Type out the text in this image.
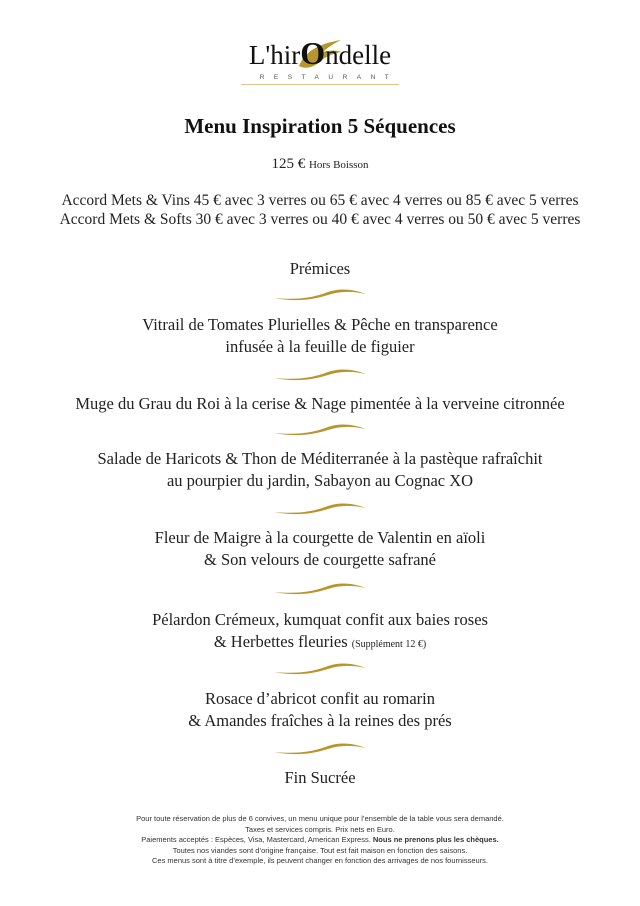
L'hirOndelle
RESTAURANT
Menu Inspiration 5 Séquences
125 € Hors Boisson
Accord Mets & Vins 45 € avec 3 verres ou 65 € avec 4 verres ou 85 € avec 5 verres
Accord Mets & Softs 30 € avec 3 verres ou 40 € avec 4 verres ou 50 € avec 5 verres
Prémices
Vitrail de Tomates Plurielles & Pêche en transparence
infusée à la feuille de figuier
Muge du Grau du Roi à la cerise & Nage pimentée à la verveine citronnée
Salade de Haricots & Thon de Méditerranée à la pastèque rafraîchit
au pourpier du jardin, Sabayon au Cognac XO
Fleur de Maigre à la courgette de Valentin en aïoli
& Son velours de courgette safrané
Pélardon Crémeux, kumquat confit aux baies roses
& Herbettes fleuries (Supplément 12 €)
Rosace d’abricot confit au romarin
& Amandes fraîches à la reines des prés
Fin Sucrée
Pour toute réservation de plus de 6 convives, un menu unique pour l’ensemble de la table vous sera demandé.
Taxes et services compris. Prix nets en Euro.
Paiements acceptés : Espèces, Visa, Mastercard, American Express. Nous ne prenons plus les chèques.
Toutes nos viandes sont d’origine française. Tout est fait maison en fonction des saisons.
Ces menus sont à titre d’exemple, ils peuvent changer en fonction des arrivages de nos fournisseurs.
